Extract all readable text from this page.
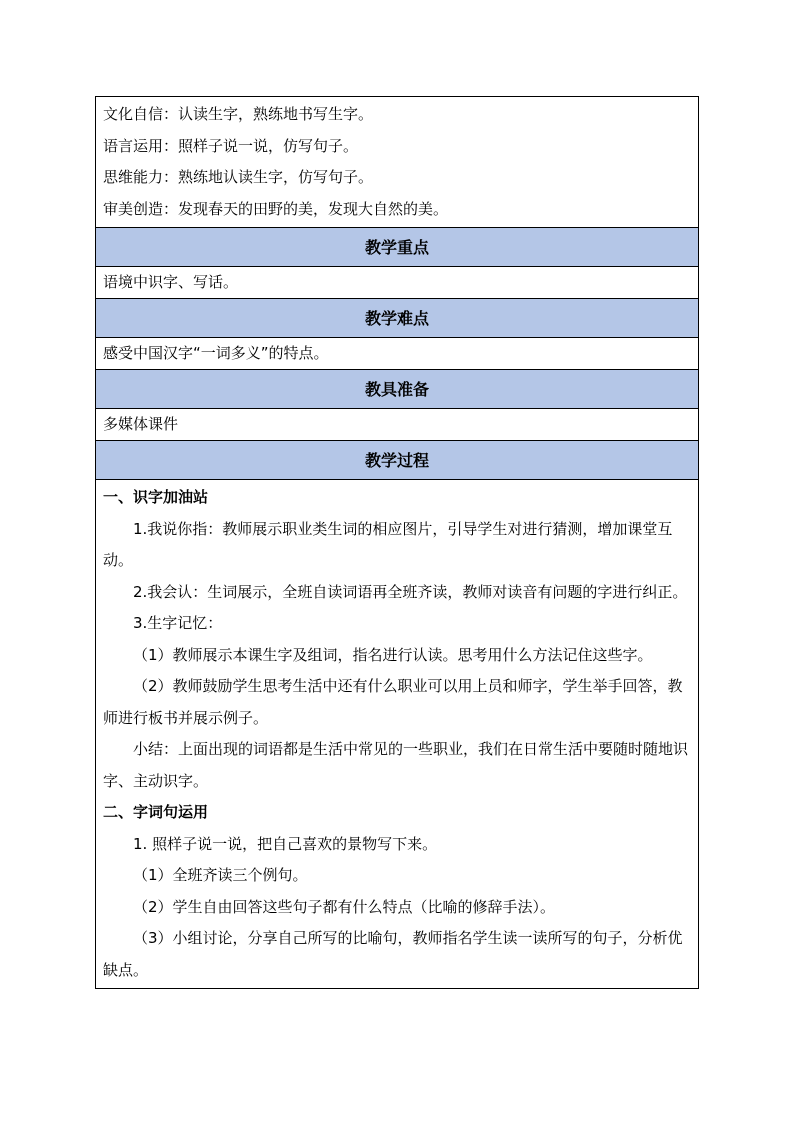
文化自信：认读生字，熟练地书写生字。

语言运用：照样子说一说，仿写句子。

思维能力：熟练地认读生字，仿写句子。

审美创造：发现春天的田野的美，发现大自然的美。

教学重点
语境中识字、写话。
教学难点
感受中国汉字“一词多义”的特点。
教具准备
多媒体课件
教学过程

一、识字加油站

1.我说你指：教师展示职业类生词的相应图片，引导学生对进行猜测，增加课堂互动。

2.我会认：生词展示，全班自读词语再全班齐读，教师对读音有问题的字进行纠正。

3.生字记忆：

（1）教师展示本课生字及组词，指名进行认读。思考用什么方法记住这些字。

（2）教师鼓励学生思考生活中还有什么职业可以用上员和师字，学生举手回答，教师进行板书并展示例子。

小结：上面出现的词语都是生活中常见的一些职业，我们在日常生活中要随时随地识字、主动识字。

二、字词句运用

1. 照样子说一说，把自己喜欢的景物写下来。

（1）全班齐读三个例句。

（2）学生自由回答这些句子都有什么特点（比喻的修辞手法）。

（3）小组讨论，分享自己所写的比喻句，教师指名学生读一读所写的句子，分析优缺点。
